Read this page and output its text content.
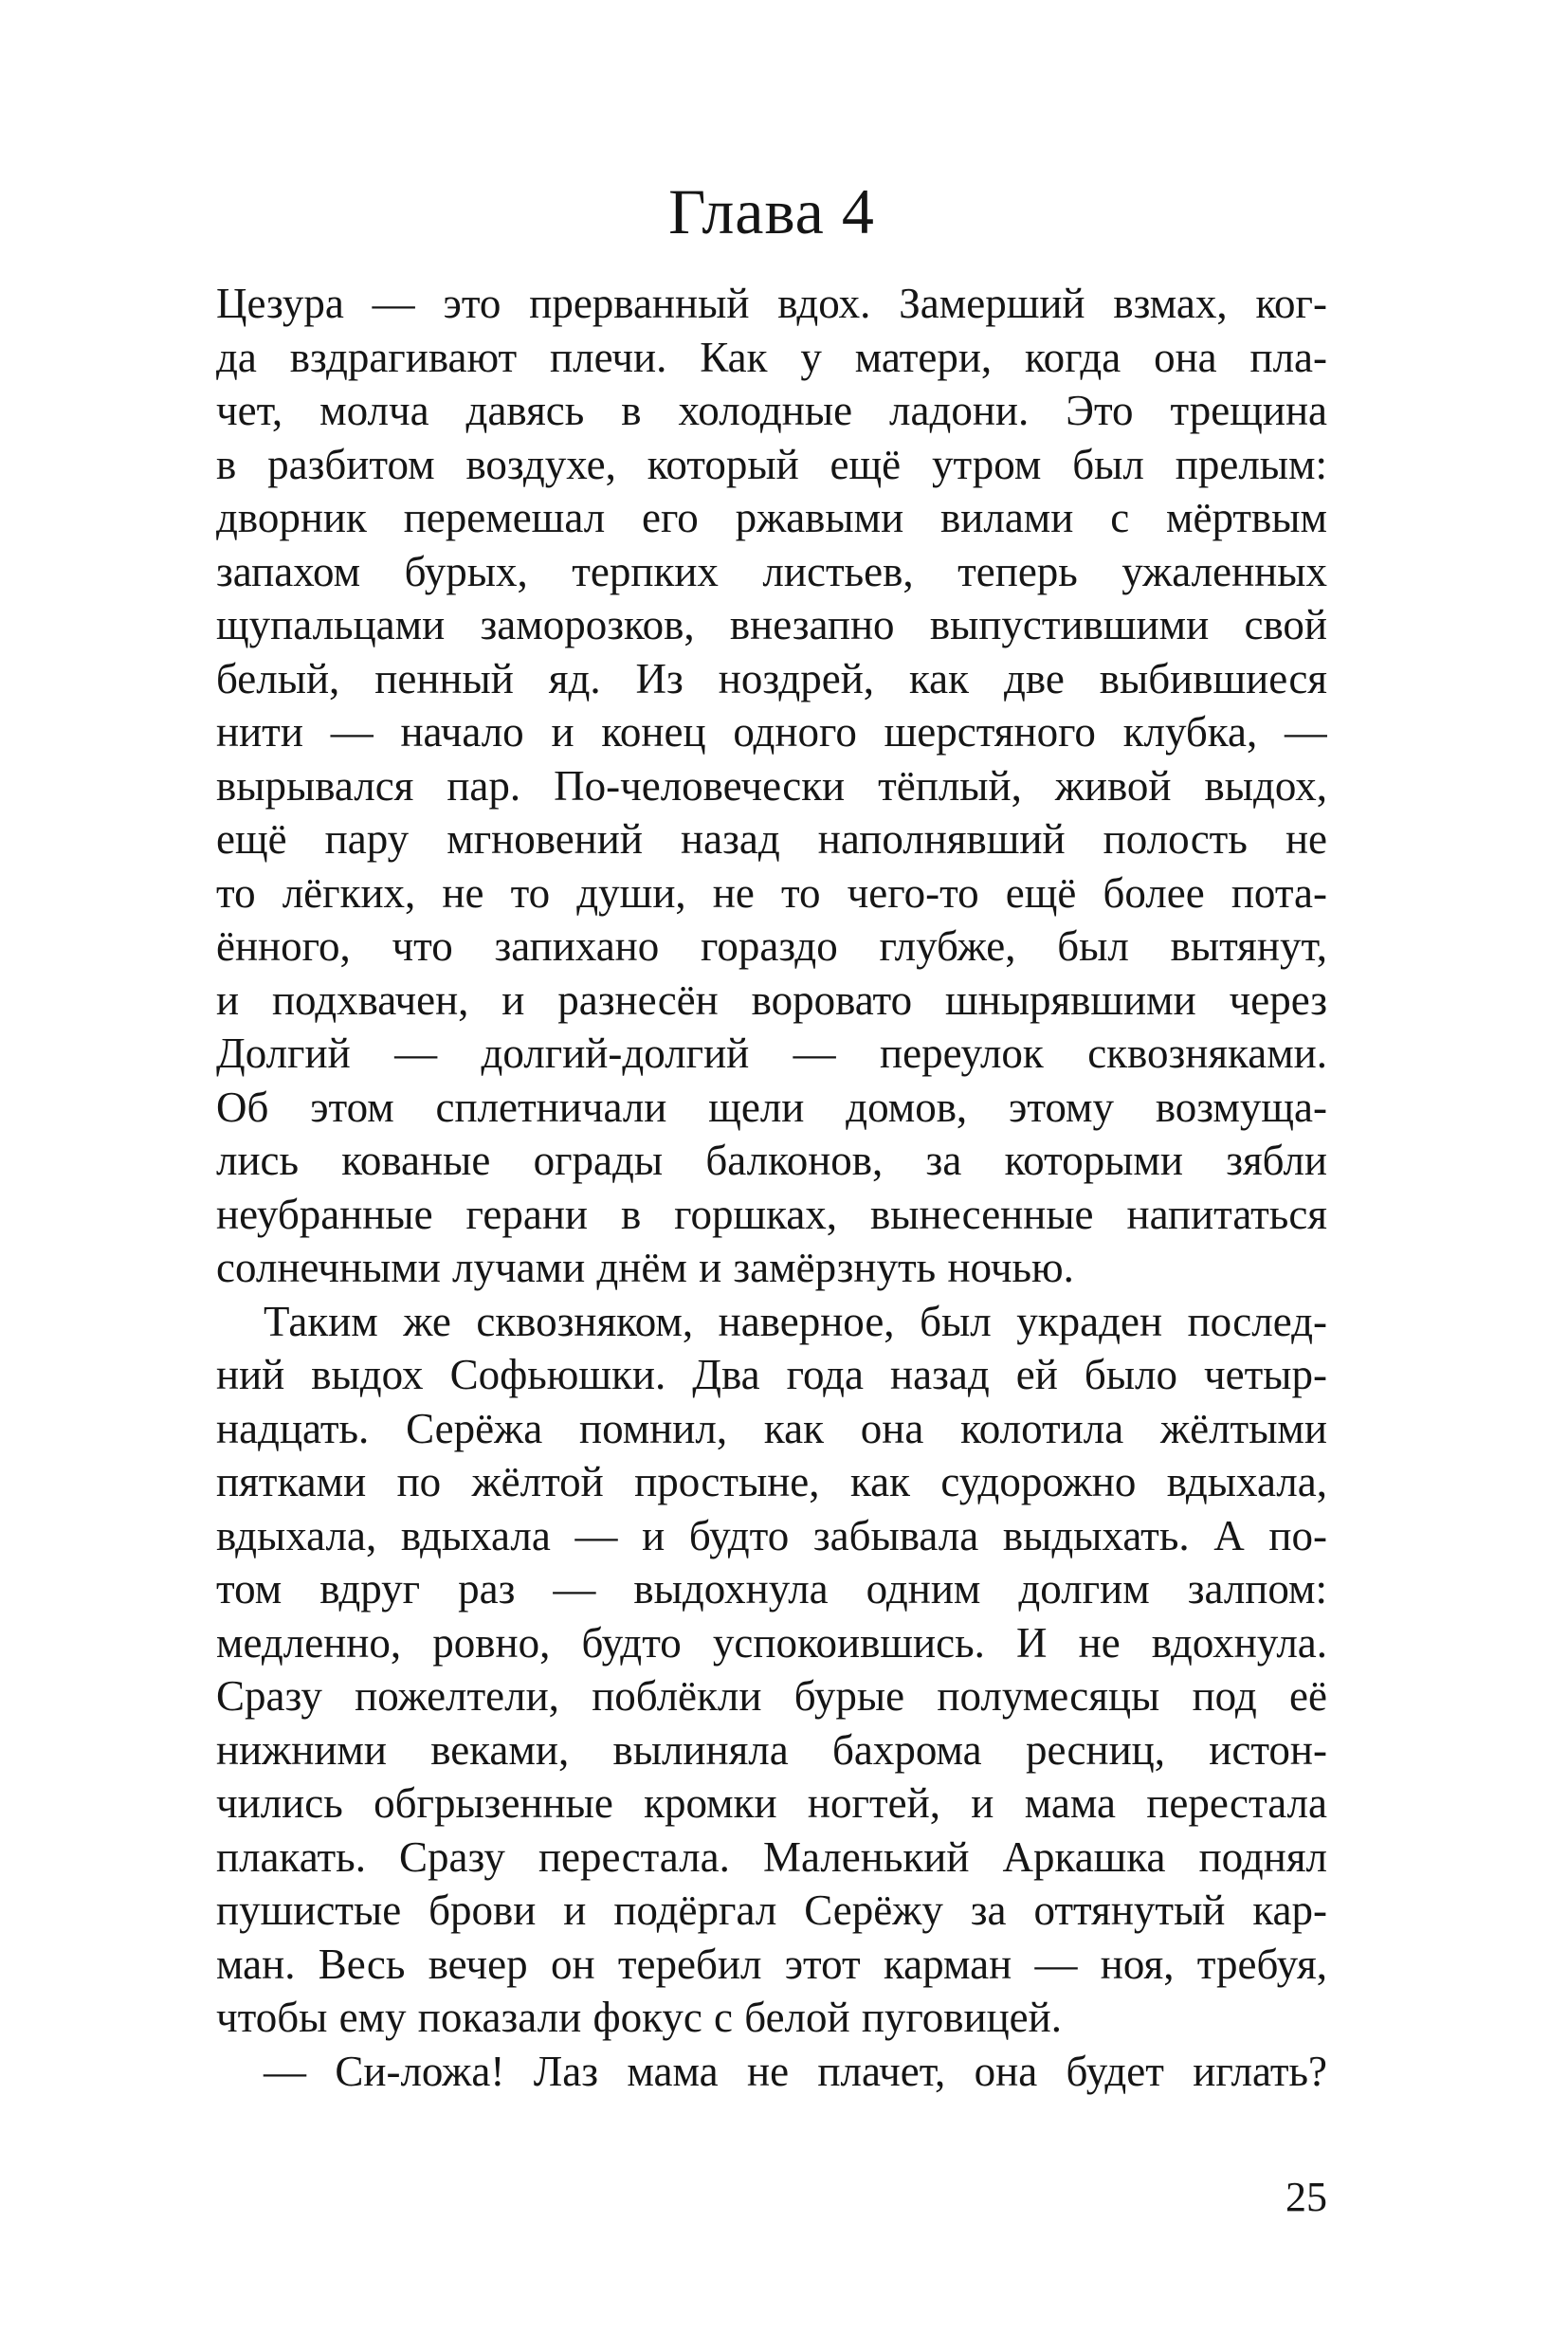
Глава 4
Цезура — это прерванный вдох. Замерший взмах, ког-
да вздрагивают плечи. Как у матери, когда она пла-
чет, молча давясь в холодные ладони. Это трещина
в разбитом воздухе, который ещё утром был прелым:
дворник перемешал его ржавыми вилами с мёртвым
запахом бурых, терпких листьев, теперь ужаленных
щупальцами заморозков, внезапно выпустившими свой
белый, пенный яд. Из ноздрей, как две выбившиеся
нити — начало и конец одного шерстяного клубка, —
вырывался пар. По-человечески тёплый, живой выдох,
ещё пару мгновений назад наполнявший полость не
то лёгких, не то души, не то чего-то ещё более пота-
ённого, что запихано гораздо глубже, был вытянут,
и подхвачен, и разнесён воровато шнырявшими через
Долгий — долгий-долгий — переулок сквозняками.
Об этом сплетничали щели домов, этому возмуща-
лись кованые ограды балконов, за которыми зябли
неубранные герани в горшках, вынесенные напитаться
солнечными лучами днём и замёрзнуть ночью.
Таким же сквозняком, наверное, был украден послед-
ний выдох Софьюшки. Два года назад ей было четыр-
надцать. Серёжа помнил, как она колотила жёлтыми
пятками по жёлтой простыне, как судорожно вдыхала,
вдыхала, вдыхала — и будто забывала выдыхать. А по-
том вдруг раз — выдохнула одним долгим залпом:
медленно, ровно, будто успокоившись. И не вдохнула.
Сразу пожелтели, поблёкли бурые полумесяцы под её
нижними веками, вылиняла бахрома ресниц, истон-
чились обгрызенные кромки ногтей, и мама перестала
плакать. Сразу перестала. Маленький Аркашка поднял
пушистые брови и подёргал Серёжу за оттянутый кар-
ман. Весь вечер он теребил этот карман — ноя, требуя,
чтобы ему показали фокус с белой пуговицей.
— Си-ложа! Лаз мама не плачет, она будет иглать?
25
